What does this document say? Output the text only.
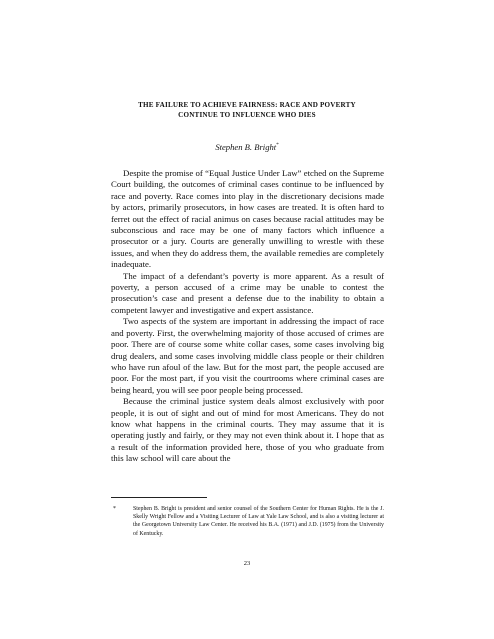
THE FAILURE TO ACHIEVE FAIRNESS: RACE AND POVERTY
CONTINUE TO INFLUENCE WHO DIES
Stephen B. Bright*

Despite the promise of “Equal Justice Under Law” etched on the Supreme Court building, the outcomes of criminal cases continue to be influenced by race and poverty. Race comes into play in the discretionary decisions made by actors, primarily prosecutors, in how cases are treated. It is often hard to ferret out the effect of racial animus on cases because racial attitudes may be subconscious and race may be one of many factors which influence a prosecutor or a jury. Courts are generally unwilling to wrestle with these issues, and when they do address them, the available remedies are completely inadequate.

The impact of a defendant’s poverty is more apparent. As a result of poverty, a person accused of a crime may be unable to contest the prosecution’s case and present a defense due to the inability to obtain a competent lawyer and investigative and expert assistance.

Two aspects of the system are important in addressing the impact of race and poverty. First, the overwhelming majority of those accused of crimes are poor. There are of course some white collar cases, some cases involving big drug dealers, and some cases involving middle class people or their children who have run afoul of the law. But for the most part, the people accused are poor. For the most part, if you visit the courtrooms where criminal cases are being heard, you will see poor people being processed.

Because the criminal justice system deals almost exclusively with poor people, it is out of sight and out of mind for most Americans. They do not know what happens in the criminal courts. They may assume that it is operating justly and fairly, or they may not even think about it. I hope that as a result of the information provided here, those of you who graduate from this law school will care about the

*	Stephen B. Bright is president and senior counsel of the Southern Center for Human Rights. He is the J. Skelly Wright Fellow and a Visiting Lecturer of Law at Yale Law School, and is also a visiting lecturer at the Georgetown University Law Center. He received his B.A. (1971) and J.D. (1975) from the University of Kentucky.
23
